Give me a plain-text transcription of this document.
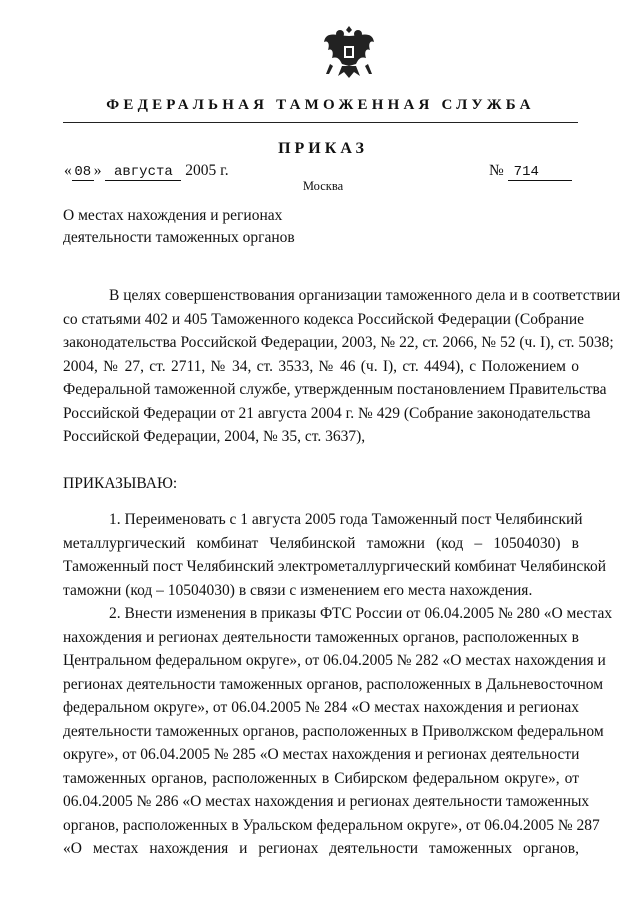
ФЕДЕРАЛЬНАЯ ТАМОЖЕННАЯ СЛУЖБА
ПРИКАЗ
« 08 » августа 2005 г.	№ 714
Москва
О местах нахождения и регионах
деятельности таможенных органов
В целях совершенствования организации таможенного дела и в соответствии
со статьями 402 и 405 Таможенного кодекса Российской Федерации (Собрание
законодательства Российской Федерации, 2003, № 22, ст. 2066, № 52 (ч. I), ст. 5038;
2004, № 27, ст. 2711, № 34, ст. 3533, № 46 (ч. I), ст. 4494), с Положением о
Федеральной таможенной службе, утвержденным постановлением Правительства
Российской Федерации от 21 августа 2004 г. № 429 (Собрание законодательства
Российской Федерации, 2004, № 35, ст. 3637),
ПРИКАЗЫВАЮ:
1. Переименовать с 1 августа 2005 года Таможенный пост Челябинский
металлургический комбинат Челябинской таможни (код – 10504030) в
Таможенный пост Челябинский электрометаллургический комбинат Челябинской
таможни (код – 10504030) в связи с изменением его места нахождения.
2. Внести изменения в приказы ФТС России от 06.04.2005 № 280 «О местах
нахождения и регионах деятельности таможенных органов, расположенных в
Центральном федеральном округе», от 06.04.2005 № 282 «О местах нахождения и
регионах деятельности таможенных органов, расположенных в Дальневосточном
федеральном округе», от 06.04.2005 № 284 «О местах нахождения и регионах
деятельности таможенных органов, расположенных в Приволжском федеральном
округе», от 06.04.2005 № 285 «О местах нахождения и регионах деятельности
таможенных органов, расположенных в Сибирском федеральном округе», от
06.04.2005 № 286 «О местах нахождения и регионах деятельности таможенных
органов, расположенных в Уральском федеральном округе», от 06.04.2005 № 287
«О местах нахождения и регионах деятельности таможенных органов,
